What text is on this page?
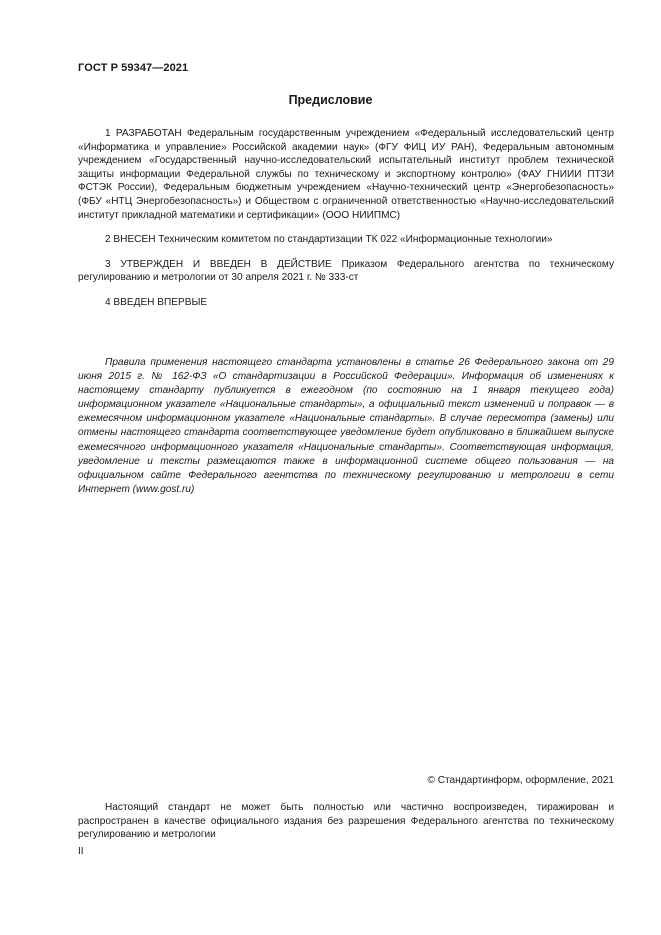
ГОСТ Р 59347—2021
Предисловие

1 РАЗРАБОТАН Федеральным государственным учреждением «Федеральный исследовательский центр «Информатика и управление» Российской академии наук» (ФГУ ФИЦ ИУ РАН), Федеральным автономным учреждением «Государственный научно-исследовательский испытательный институт проблем технической защиты информации Федеральной службы по техническому и экспортному контролю» (ФАУ ГНИИИ ПТЗИ ФСТЭК России), Федеральным бюджетным учреждением «Научно-технический центр «Энергобезопасность» (ФБУ «НТЦ Энергобезопасность») и Обществом с ограниченной ответственностью «Научно-исследовательский институт прикладной математики и сертификации» (ООО НИИПМС)

2 ВНЕСЕН Техническим комитетом по стандартизации ТК 022 «Информационные технологии»

3 УТВЕРЖДЕН И ВВЕДЕН В ДЕЙСТВИЕ Приказом Федерального агентства по техническому регулированию и метрологии от 30 апреля 2021 г. № 333-ст

4 ВВЕДЕН ВПЕРВЫЕ

Правила применения настоящего стандарта установлены в статье 26 Федерального закона от 29 июня 2015 г. № 162-ФЗ «О стандартизации в Российской Федерации». Информация об изменениях к настоящему стандарту публикуется в ежегодном (по состоянию на 1 января текущего года) информационном указателе «Национальные стандарты», а официальный текст изменений и поправок — в ежемесячном информационном указателе «Национальные стандарты». В случае пересмотра (замены) или отмены настоящего стандарта соответствующее уведомление будет опубликовано в ближайшем выпуске ежемесячного информационного указателя «Национальные стандарты». Соответствующая информация, уведомление и тексты размещаются также в информационной системе общего пользования — на официальном сайте Федерального агентства по техническому регулированию и метрологии в сети Интернет (www.gost.ru)

© Стандартинформ, оформление, 2021

Настоящий стандарт не может быть полностью или частично воспроизведен, тиражирован и распространен в качестве официального издания без разрешения Федерального агентства по техническому регулированию и метрологии

II
